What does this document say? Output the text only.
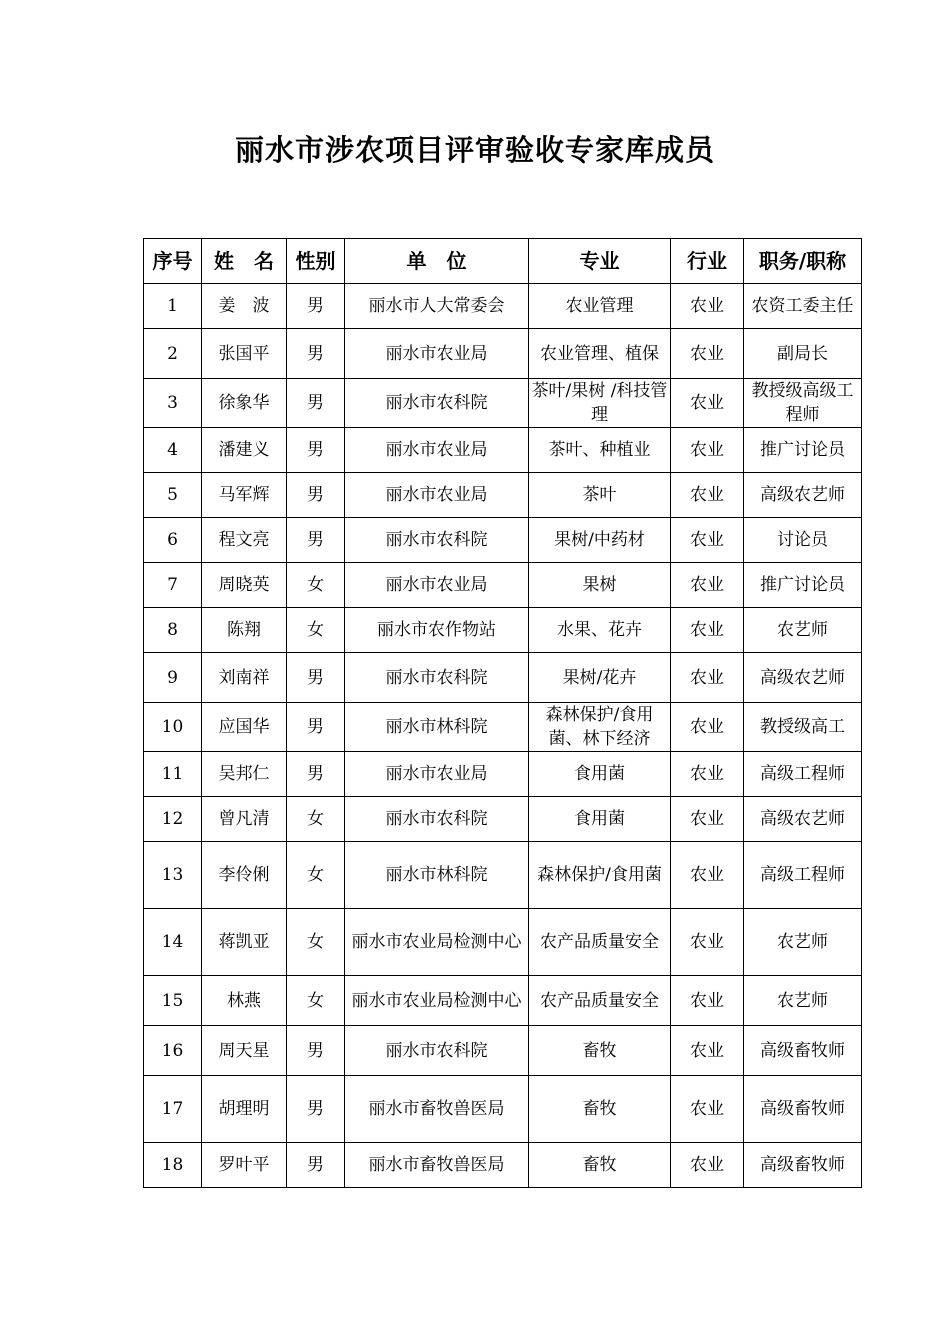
丽水市涉农项目评审验收专家库成员
序号	姓　名	性别	单　位	专业	行业	职务/职称
1	姜　波	男	丽水市人大常委会	农业管理	农业	农资工委主任
2	张国平	男	丽水市农业局	农业管理、植保	农业	副局长
3	徐象华	男	丽水市农科院	茶叶/果树 /科技管理	农业	教授级高级工程师
4	潘建义	男	丽水市农业局	茶叶、种植业	农业	推广讨论员
5	马军辉	男	丽水市农业局	茶叶	农业	高级农艺师
6	程文亮	男	丽水市农科院	果树/中药材	农业	讨论员
7	周晓英	女	丽水市农业局	果树	农业	推广讨论员
8	陈翔	女	丽水市农作物站	水果、花卉	农业	农艺师
9	刘南祥	男	丽水市农科院	果树/花卉	农业	高级农艺师
10	应国华	男	丽水市林科院	森林保护/食用菌、林下经济	农业	教授级高工
11	吴邦仁	男	丽水市农业局	食用菌	农业	高级工程师
12	曾凡清	女	丽水市农科院	食用菌	农业	高级农艺师
13	李伶俐	女	丽水市林科院	森林保护/食用菌	农业	高级工程师
14	蒋凯亚	女	丽水市农业局检测中心	农产品质量安全	农业	农艺师
15	林燕	女	丽水市农业局检测中心	农产品质量安全	农业	农艺师
16	周天星	男	丽水市农科院	畜牧	农业	高级畜牧师
17	胡理明	男	丽水市畜牧兽医局	畜牧	农业	高级畜牧师
18	罗叶平	男	丽水市畜牧兽医局	畜牧	农业	高级畜牧师
